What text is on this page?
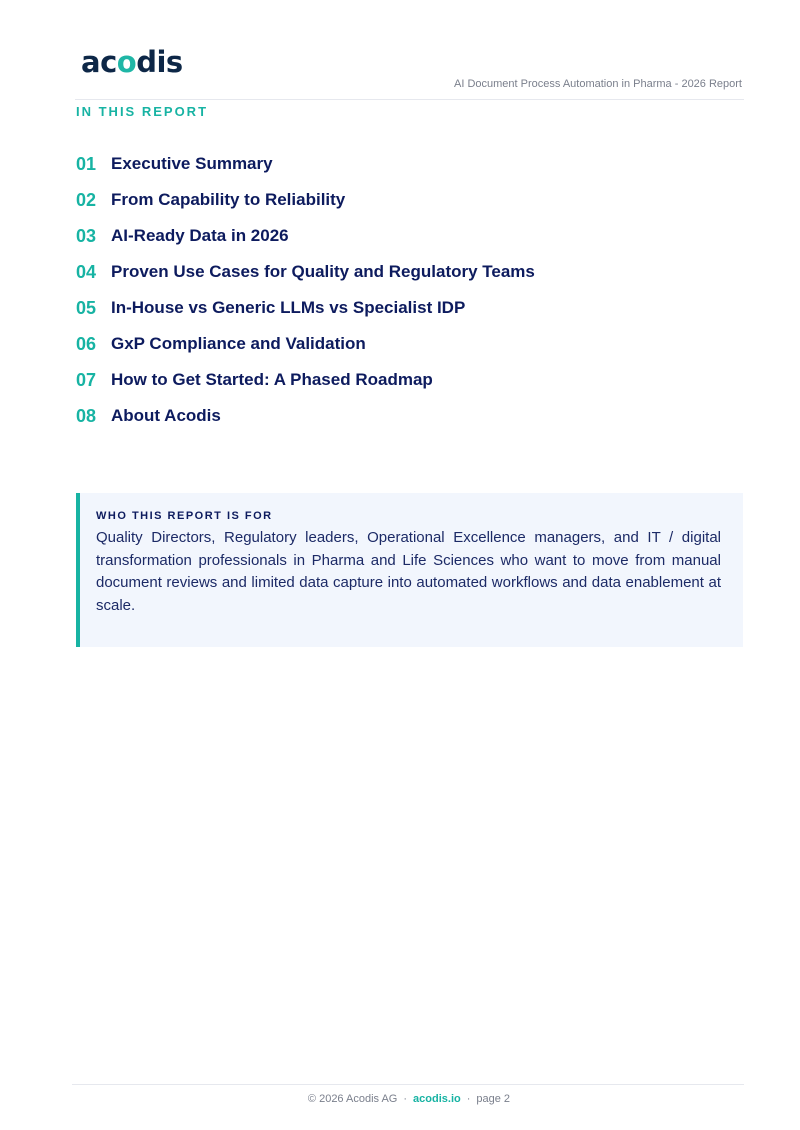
acodis
AI Document Process Automation in Pharma - 2026 Report
IN THIS REPORT
01 Executive Summary
02 From Capability to Reliability
03 AI-Ready Data in 2026
04 Proven Use Cases for Quality and Regulatory Teams
05 In-House vs Generic LLMs vs Specialist IDP
06 GxP Compliance and Validation
07 How to Get Started: A Phased Roadmap
08 About Acodis
WHO THIS REPORT IS FOR

Quality Directors, Regulatory leaders, Operational Excellence managers, and IT / digital transformation professionals in Pharma and Life Sciences who want to move from manual document reviews and limited data capture into automated workflows and data enablement at scale.

© 2026 Acodis AG · acodis.io · page 2
